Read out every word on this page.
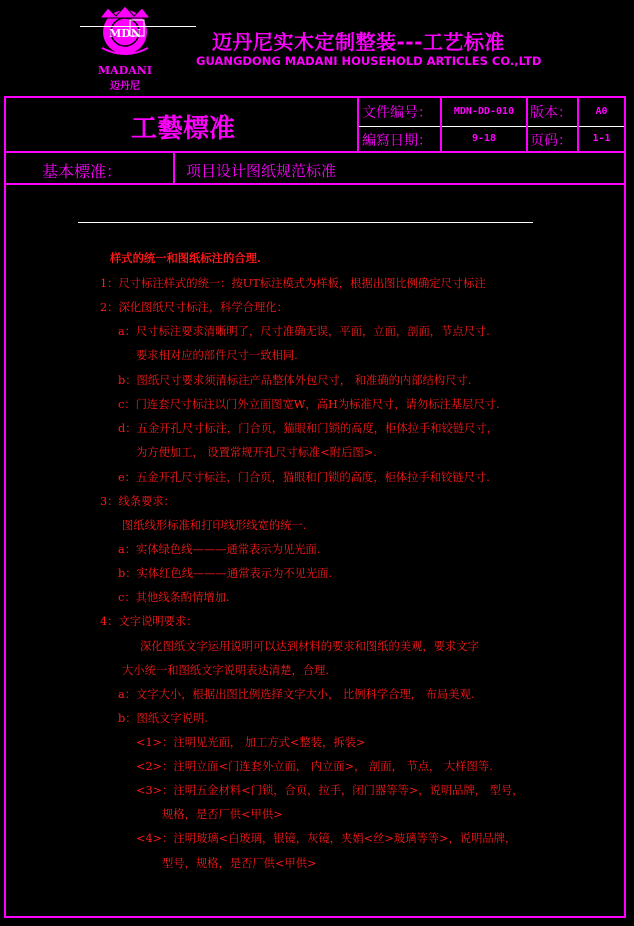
MDN
MADANI
迈丹尼
迈丹尼实木定制整装---工艺标准
GUANGDONG MADANI HOUSEHOLD ARTICLES CO.,LTD
工藝標准
文件编号：	MDN-DD-010	版本：	A0
編寫日期：	9-18	页码：	1-1
基本標准：	项目设计图纸规范标准
样式的统一和图纸标注的合理.
1：尺寸标注样式的统一：按UT标注模式为样板，根据出图比例确定尺寸标注
2：深化图纸尺寸标注，科学合理化：
a：尺寸标注要求清晰明了，尺寸准确无误，平面，立面，剖面，节点尺寸.
要求相对应的部件尺寸一致相同.
b：图纸尺寸要求须清标注产品整体外包尺寸， 和准确的内部结构尺寸.
c：门连套尺寸标注以门外立面图宽W，高H为标准尺寸，请勿标注基层尺寸.
d：五金开孔尺寸标注，门合页，猫眼和门锁的高度，柜体拉手和铰链尺寸，
为方便加工， 设置常规开孔尺寸标准<附后图>.
e：五金开孔尺寸标注，门合页，猫眼和门锁的高度，柜体拉手和铰链尺寸.
3：线条要求：
图纸线形标准和打印线形线宽的统一.
a：实体绿色线———通常表示为见光面.
b：实体红色线———通常表示为不见光面.
c：其他线条酌情增加.
4：文字说明要求：
深化图纸文字运用说明可以达到材料的要求和图纸的美观，要求文字
大小统一和图纸文字说明表达清楚，合理.
a：文字大小，根据出图比例选择文字大小， 比例科学合理， 布局美观.
b：图纸文字说明.
<1>：注明见光面， 加工方式<整装，拆装>
<2>：注明立面<门连套外立面， 内立面>， 剖面， 节点， 大样图等.
<3>：注明五金材料<门锁，合页，拉手，闭门器等等>，说明品牌， 型号，
规格，是否厂供<甲供>
<4>：注明玻璃<白玻璃，银镜，灰镜，夹娟<丝>玻璃等等>，说明品牌，
型号，规格，是否厂供<甲供>
